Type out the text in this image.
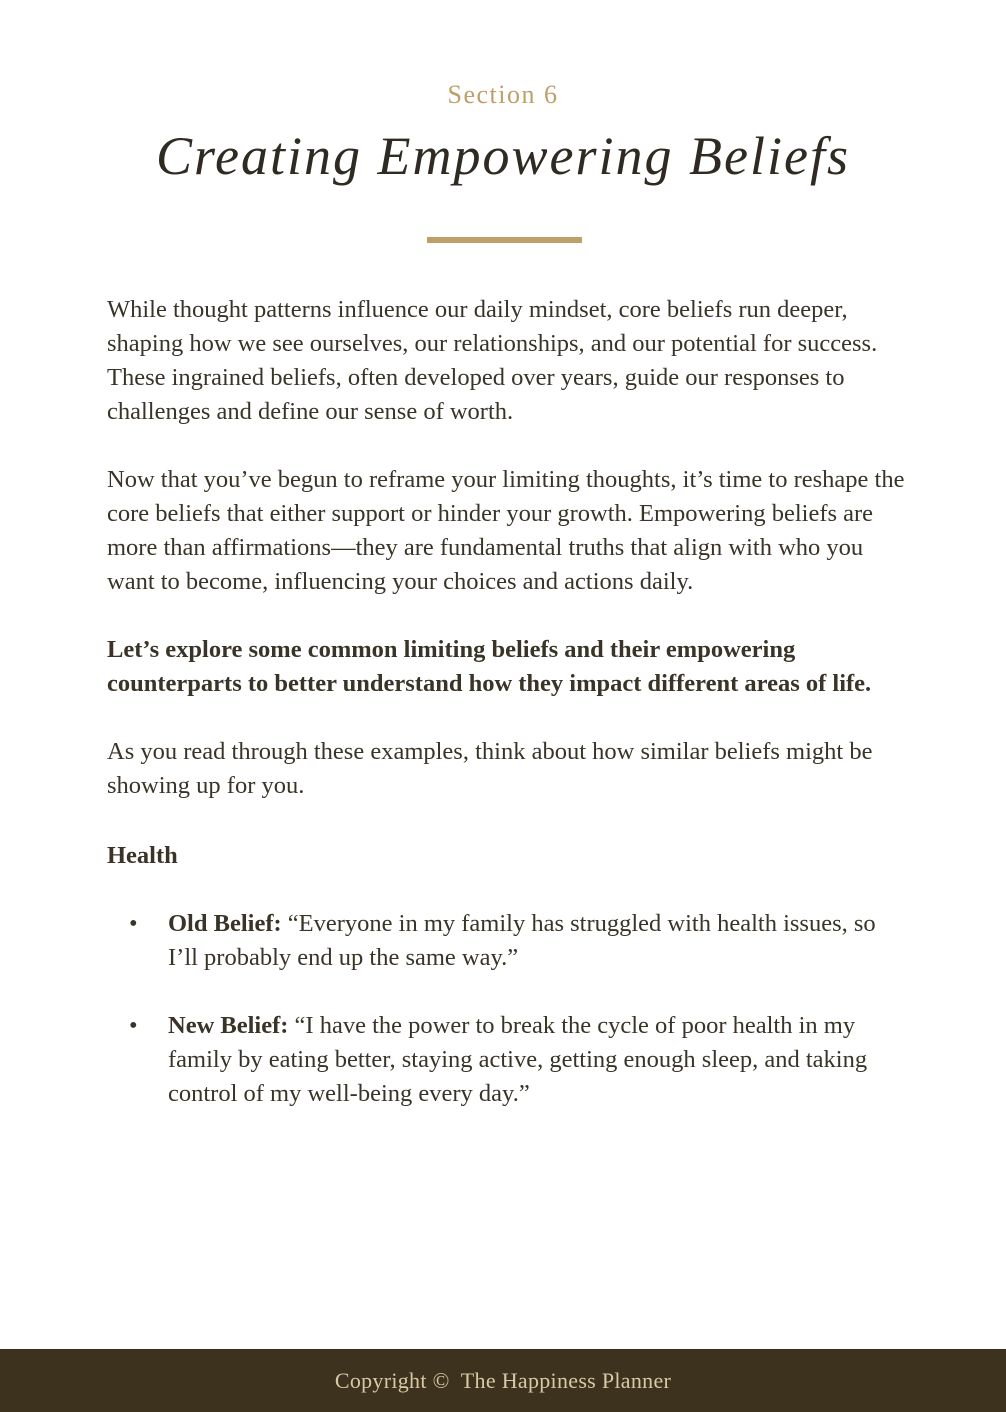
Section 6
Creating Empowering Beliefs

While thought patterns influence our daily mindset, core beliefs run deeper, shaping how we see ourselves, our relationships, and our potential for success. These ingrained beliefs, often developed over years, guide our responses to challenges and define our sense of worth.

Now that you’ve begun to reframe your limiting thoughts, it’s time to reshape the core beliefs that either support or hinder your growth. Empowering beliefs are more than affirmations—they are fundamental truths that align with who you want to become, influencing your choices and actions daily.

Let’s explore some common limiting beliefs and their empowering counterparts to better understand how they impact different areas of life.

As you read through these examples, think about how similar beliefs might be showing up for you.

Health
• Old Belief: “Everyone in my family has struggled with health issues, so I’ll probably end up the same way.”
• New Belief: “I have the power to break the cycle of poor health in my family by eating better, staying active, getting enough sleep, and taking control of my well-being every day.”
Copyright ©  The Happiness Planner
